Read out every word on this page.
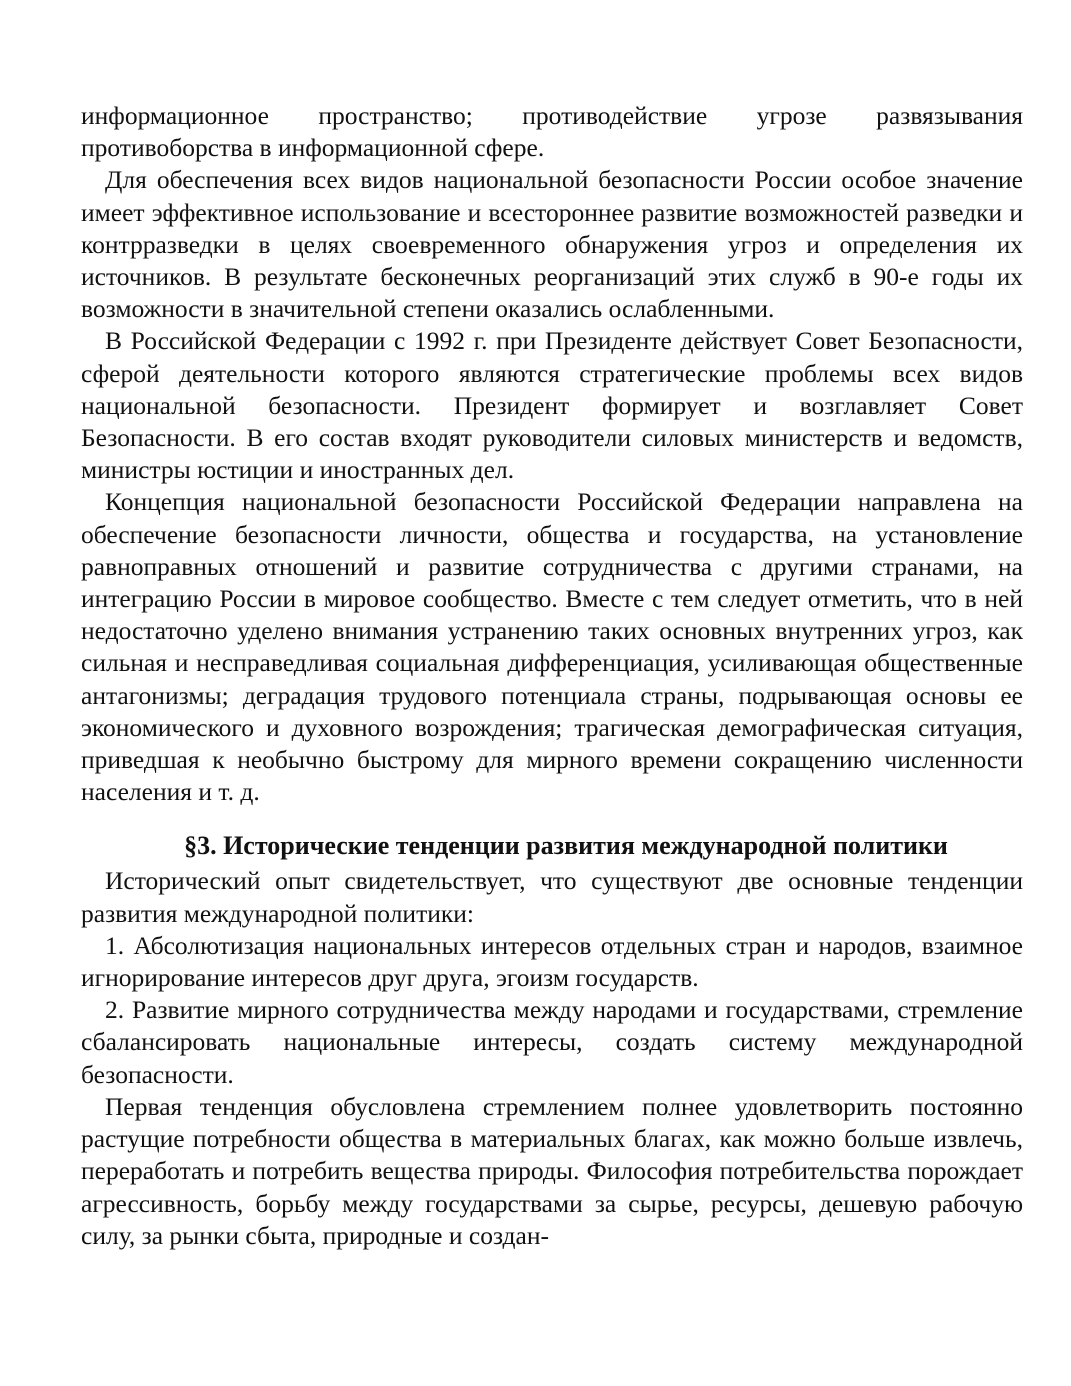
информационное пространство; противодействие угрозе развязывания противоборства в информационной сфере.

Для обеспечения всех видов национальной безопасности России особое значение имеет эффективное использование и всестороннее развитие возможностей разведки и контрразведки в целях своевременного обнаружения угроз и определения их источников. В результате бесконечных реорганизаций этих служб в 90-е годы их возможности в значительной степени оказались ослабленными.

В Российской Федерации с 1992 г. при Президенте действует Совет Безопасности, сферой деятельности которого являются стратегические проблемы всех видов национальной безопасности. Президент формирует и возглавляет Совет Безопасности. В его состав входят руководители силовых министерств и ведомств, министры юстиции и иностранных дел.

Концепция национальной безопасности Российской Федерации направлена на обеспечение безопасности личности, общества и государства, на установление равноправных отношений и развитие сотрудничества с другими странами, на интеграцию России в мировое сообщество. Вместе с тем следует отметить, что в ней недостаточно уделено внимания устранению таких основных внутренних угроз, как сильная и несправедливая социальная дифференциация, усиливающая общественные антагонизмы; деградация трудового потенциала страны, подрывающая основы ее экономического и духовного возрождения; трагическая демографическая ситуация, приведшая к необычно быстрому для мирного времени сокращению численности населения и т. д.

§3. Исторические тенденции развития международной политики

Исторический опыт свидетельствует, что существуют две основные тенденции развития международной политики:

1. Абсолютизация национальных интересов отдельных стран и народов, взаимное игнорирование интересов друг друга, эгоизм государств.

2. Развитие мирного сотрудничества между народами и государствами, стремление сбалансировать национальные интересы, создать систему международной безопасности.

Первая тенденция обусловлена стремлением полнее удовлетворить постоянно растущие потребности общества в материальных благах, как можно больше извлечь, переработать и потребить вещества природы. Философия потребительства порождает агрессивность, борьбу между государствами за сырье, ресурсы, дешевую рабочую силу, за рынки сбыта, природные и создан-
